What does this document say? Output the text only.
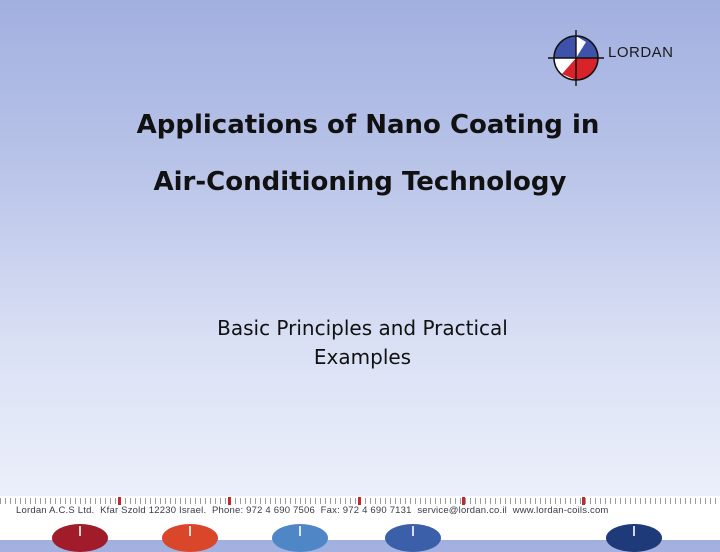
LORDAN
Applications of Nano Coating in
Air-Conditioning Technology
Basic Principles and Practical
Examples
Lordan A.C.S Ltd. Kfar Szold 12230 Israel. Phone: 972 4 690 7506 Fax: 972 4 690 7131 service@lordan.co.il www.lordan-coils.com
